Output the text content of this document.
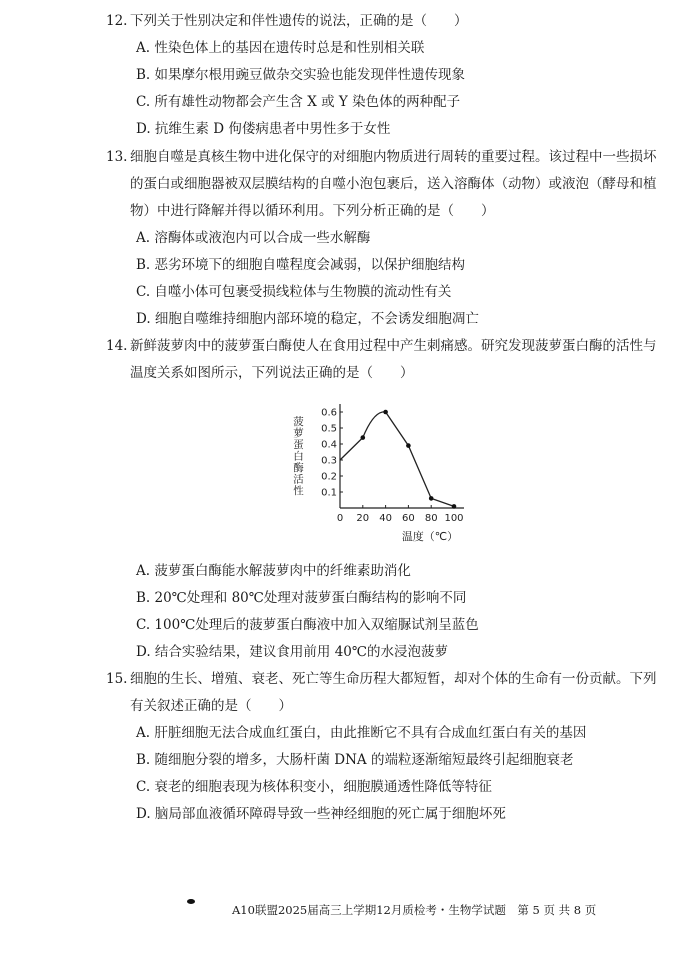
12. 下列关于性别决定和伴性遗传的说法，正确的是（　　）
A. 性染色体上的基因在遗传时总是和性别相关联
B. 如果摩尔根用豌豆做杂交实验也能发现伴性遗传现象
C. 所有雄性动物都会产生含 X 或 Y 染色体的两种配子
D. 抗维生素 D 佝偻病患者中男性多于女性
13. 细胞自噬是真核生物中进化保守的对细胞内物质进行周转的重要过程。该过程中一些损坏
的蛋白或细胞器被双层膜结构的自噬小泡包裹后，送入溶酶体（动物）或液泡（酵母和植
物）中进行降解并得以循环利用。下列分析正确的是（　　）
A. 溶酶体或液泡内可以合成一些水解酶
B. 恶劣环境下的细胞自噬程度会减弱，以保护细胞结构
C. 自噬小体可包裹受损线粒体与生物膜的流动性有关
D. 细胞自噬维持细胞内部环境的稳定，不会诱发细胞凋亡
14. 新鲜菠萝肉中的菠萝蛋白酶使人在食用过程中产生刺痛感。研究发现菠萝蛋白酶的活性与
温度关系如图所示，下列说法正确的是（　　）
0.1
0.2
0.3
0.4
0.5
0.6
0 20 40 60 80 100
菠萝蛋白酶活性
温度（℃）
A. 菠萝蛋白酶能水解菠萝肉中的纤维素助消化
B. 20℃处理和 80℃处理对菠萝蛋白酶结构的影响不同
C. 100℃处理后的菠萝蛋白酶液中加入双缩脲试剂呈蓝色
D. 结合实验结果，建议食用前用 40℃的水浸泡菠萝
15. 细胞的生长、增殖、衰老、死亡等生命历程大都短暂，却对个体的生命有一份贡献。下列
有关叙述正确的是（　　）
A. 肝脏细胞无法合成血红蛋白，由此推断它不具有合成血红蛋白有关的基因
B. 随细胞分裂的增多，大肠杆菌 DNA 的端粒逐渐缩短最终引起细胞衰老
C. 衰老的细胞表现为核体积变小，细胞膜通透性降低等特征
D. 脑局部血液循环障碍导致一些神经细胞的死亡属于细胞坏死
A10联盟2025届高三上学期12月质检考・生物学试题　第 5 页 共 8 页
